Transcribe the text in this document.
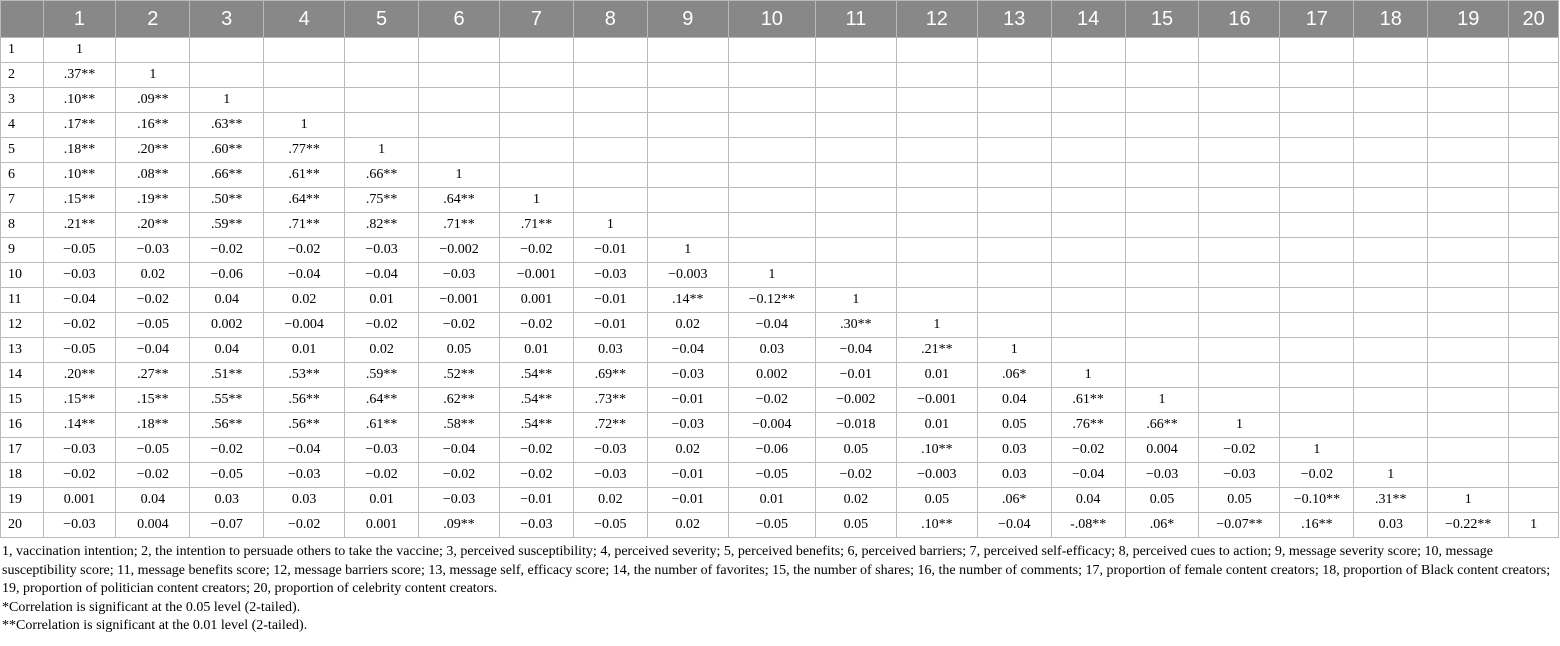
	1	2	3	4	5	6	7	8	9	10	11	12	13	14	15	16	17	18	19	20
1	1																			
2	.37**	1																		
3	.10**	.09**	1																	
4	.17**	.16**	.63**	1																
5	.18**	.20**	.60**	.77**	1															
6	.10**	.08**	.66**	.61**	.66**	1														
7	.15**	.19**	.50**	.64**	.75**	.64**	1													
8	.21**	.20**	.59**	.71**	.82**	.71**	.71**	1												
9	−0.05	−0.03	−0.02	−0.02	−0.03	−0.002	−0.02	−0.01	1											
10	−0.03	0.02	−0.06	−0.04	−0.04	−0.03	−0.001	−0.03	−0.003	1										
11	−0.04	−0.02	0.04	0.02	0.01	−0.001	0.001	−0.01	.14**	−0.12**	1									
12	−0.02	−0.05	0.002	−0.004	−0.02	−0.02	−0.02	−0.01	0.02	−0.04	.30**	1								
13	−0.05	−0.04	0.04	0.01	0.02	0.05	0.01	0.03	−0.04	0.03	−0.04	.21**	1							
14	.20**	.27**	.51**	.53**	.59**	.52**	.54**	.69**	−0.03	0.002	−0.01	0.01	.06*	1						
15	.15**	.15**	.55**	.56**	.64**	.62**	.54**	.73**	−0.01	−0.02	−0.002	−0.001	0.04	.61**	1					
16	.14**	.18**	.56**	.56**	.61**	.58**	.54**	.72**	−0.03	−0.004	−0.018	0.01	0.05	.76**	.66**	1				
17	−0.03	−0.05	−0.02	−0.04	−0.03	−0.04	−0.02	−0.03	0.02	−0.06	0.05	.10**	0.03	−0.02	0.004	−0.02	1			
18	−0.02	−0.02	−0.05	−0.03	−0.02	−0.02	−0.02	−0.03	−0.01	−0.05	−0.02	−0.003	0.03	−0.04	−0.03	−0.03	−0.02	1		
19	0.001	0.04	0.03	0.03	0.01	−0.03	−0.01	0.02	−0.01	0.01	0.02	0.05	.06*	0.04	0.05	0.05	−0.10**	.31**	1	
20	−0.03	0.004	−0.07	−0.02	0.001	.09**	−0.03	−0.05	0.02	−0.05	0.05	.10**	−0.04	-.08**	.06*	−0.07**	.16**	0.03	−0.22**	1

1, vaccination intention; 2, the intention to persuade others to take the vaccine; 3, perceived susceptibility; 4, perceived severity; 5, perceived benefits; 6, perceived barriers; 7, perceived self-efficacy; 8, perceived cues to action; 9, message severity score; 10, message susceptibility score; 11, message benefits score; 12, message barriers score; 13, message self, efficacy score; 14, the number of favorites; 15, the number of shares; 16, the number of comments; 17, proportion of female content creators; 18, proportion of Black content creators; 19, proportion of politician content creators; 20, proportion of celebrity content creators.

*Correlation is significant at the 0.05 level (2-tailed).

**Correlation is significant at the 0.01 level (2-tailed).
